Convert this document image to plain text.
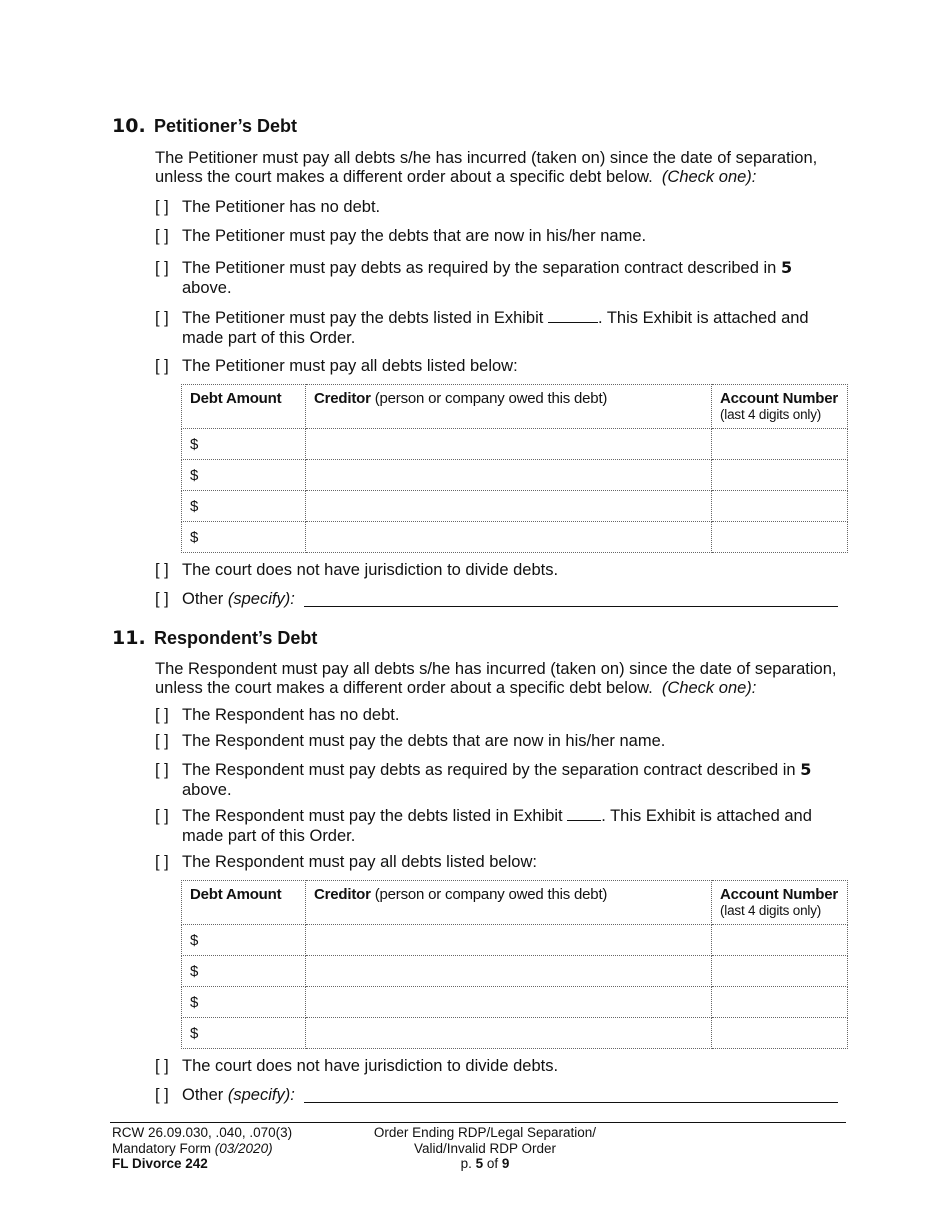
10. Petitioner’s Debt
The Petitioner must pay all debts s/he has incurred (taken on) since the date of separation, unless the court makes a different order about a specific debt below. (Check one):
[ ] The Petitioner has no debt.
[ ] The Petitioner must pay the debts that are now in his/her name.
[ ] The Petitioner must pay debts as required by the separation contract described in 5
above.
[ ] The Petitioner must pay the debts listed in Exhibit	. This Exhibit is attached and made part of this Order.
[ ] The Petitioner must pay all debts listed below:
Debt Amount	Creditor (person or company owed this debt)	Account Number
(last 4 digits only)

$		
$		
$		
$		
[ ] The court does not have jurisdiction to divide debts.
[ ] Other (specify):
11. Respondent’s Debt
The Respondent must pay all debts s/he has incurred (taken on) since the date of separation, unless the court makes a different order about a specific debt below. (Check one):
[ ] The Respondent has no debt.
[ ] The Respondent must pay the debts that are now in his/her name.
[ ] The Respondent must pay debts as required by the separation contract described in 5
above.
[ ] The Respondent must pay the debts listed in Exhibit . This Exhibit is attached and made part of this Order.
[ ] The Respondent must pay all debts listed below:
Debt Amount	Creditor (person or company owed this debt)	Account Number
(last 4 digits only)

$		
$		
$		
$		
[ ] The court does not have jurisdiction to divide debts.
[ ] Other (specify):
RCW 26.09.030, .040, .070(3)
Mandatory Form (03/2020)
FL Divorce 242
Order Ending RDP/Legal Separation/
Valid/Invalid RDP Order
p. 5 of 9
